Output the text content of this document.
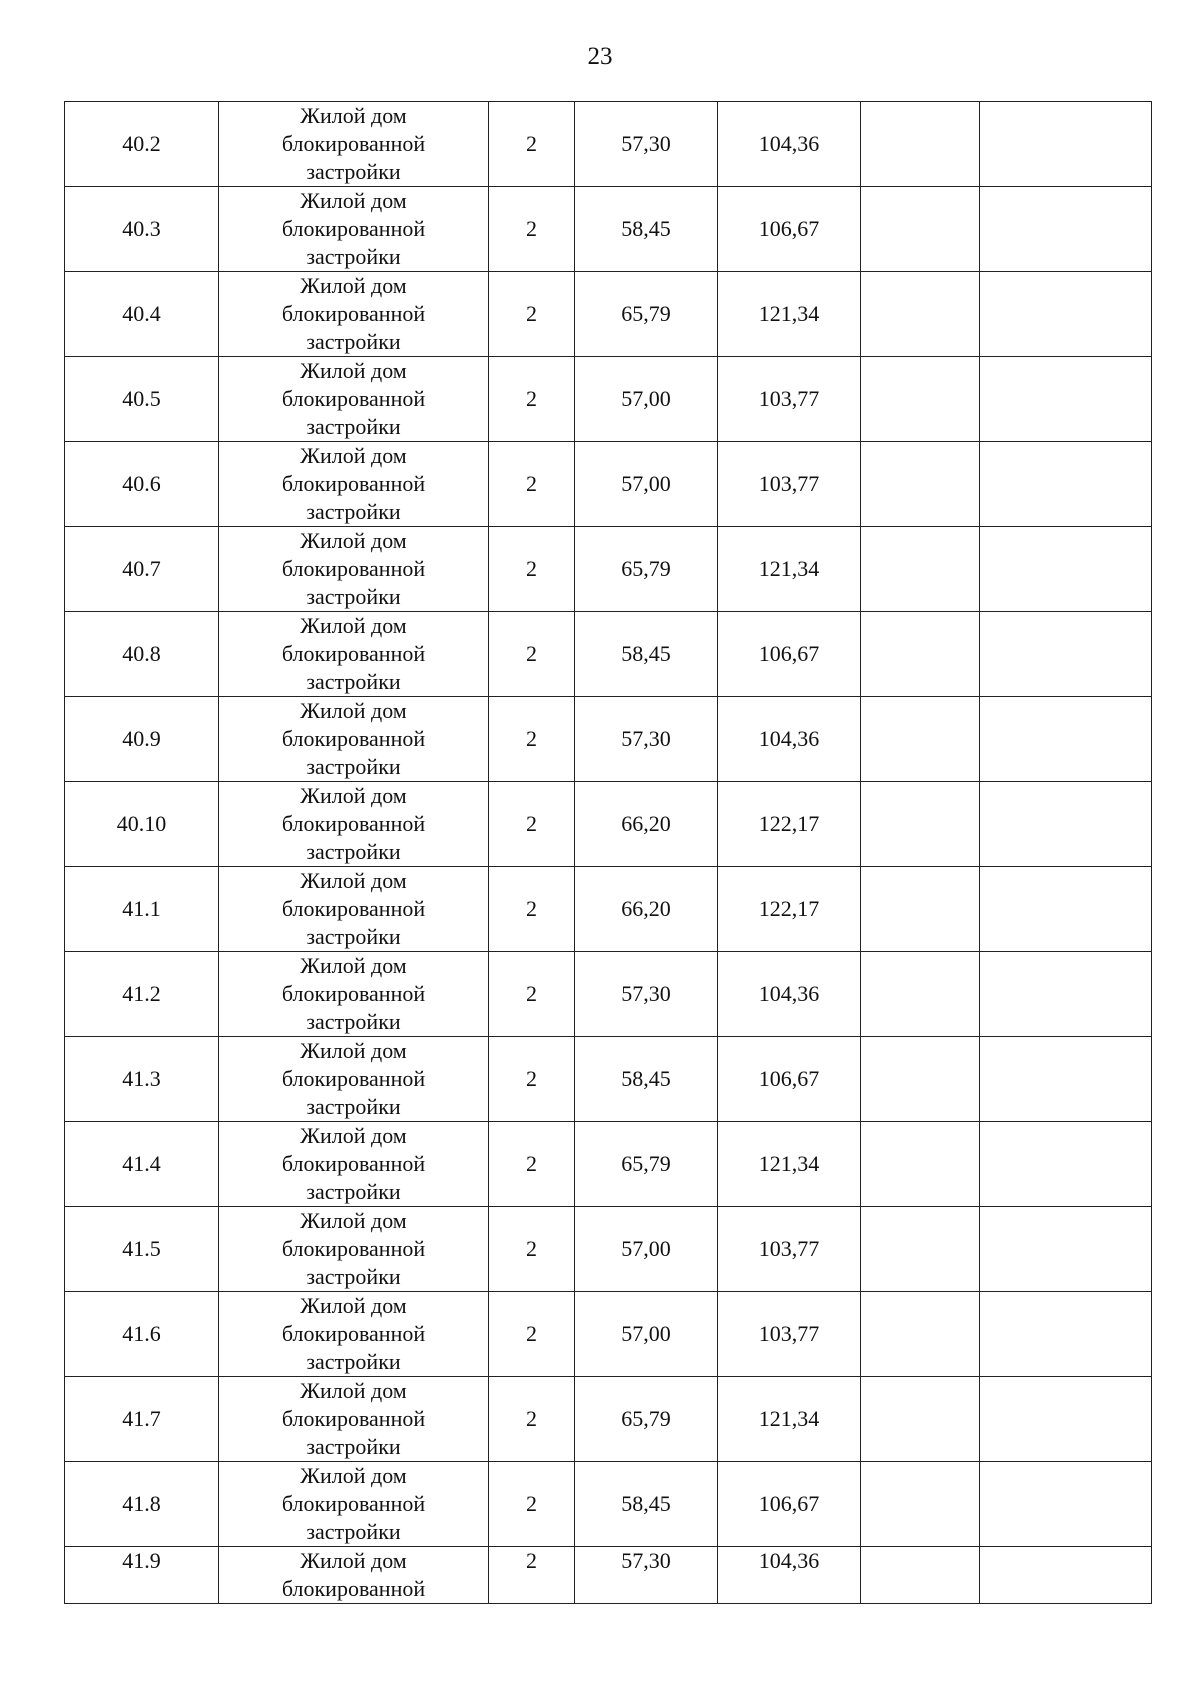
23
40.2	Жилой дом
блокированной
застройки	2	57,30	104,36		
40.3	Жилой дом
блокированной
застройки	2	58,45	106,67		
40.4	Жилой дом
блокированной
застройки	2	65,79	121,34		
40.5	Жилой дом
блокированной
застройки	2	57,00	103,77		
40.6	Жилой дом
блокированной
застройки	2	57,00	103,77		
40.7	Жилой дом
блокированной
застройки	2	65,79	121,34		
40.8	Жилой дом
блокированной
застройки	2	58,45	106,67		
40.9	Жилой дом
блокированной
застройки	2	57,30	104,36		
40.10	Жилой дом
блокированной
застройки	2	66,20	122,17		
41.1	Жилой дом
блокированной
застройки	2	66,20	122,17		
41.2	Жилой дом
блокированной
застройки	2	57,30	104,36		
41.3	Жилой дом
блокированной
застройки	2	58,45	106,67		
41.4	Жилой дом
блокированной
застройки	2	65,79	121,34		
41.5	Жилой дом
блокированной
застройки	2	57,00	103,77		
41.6	Жилой дом
блокированной
застройки	2	57,00	103,77		
41.7	Жилой дом
блокированной
застройки	2	65,79	121,34		
41.8	Жилой дом
блокированной
застройки	2	58,45	106,67		
41.9	Жилой дом
блокированной	2	57,30	104,36		
